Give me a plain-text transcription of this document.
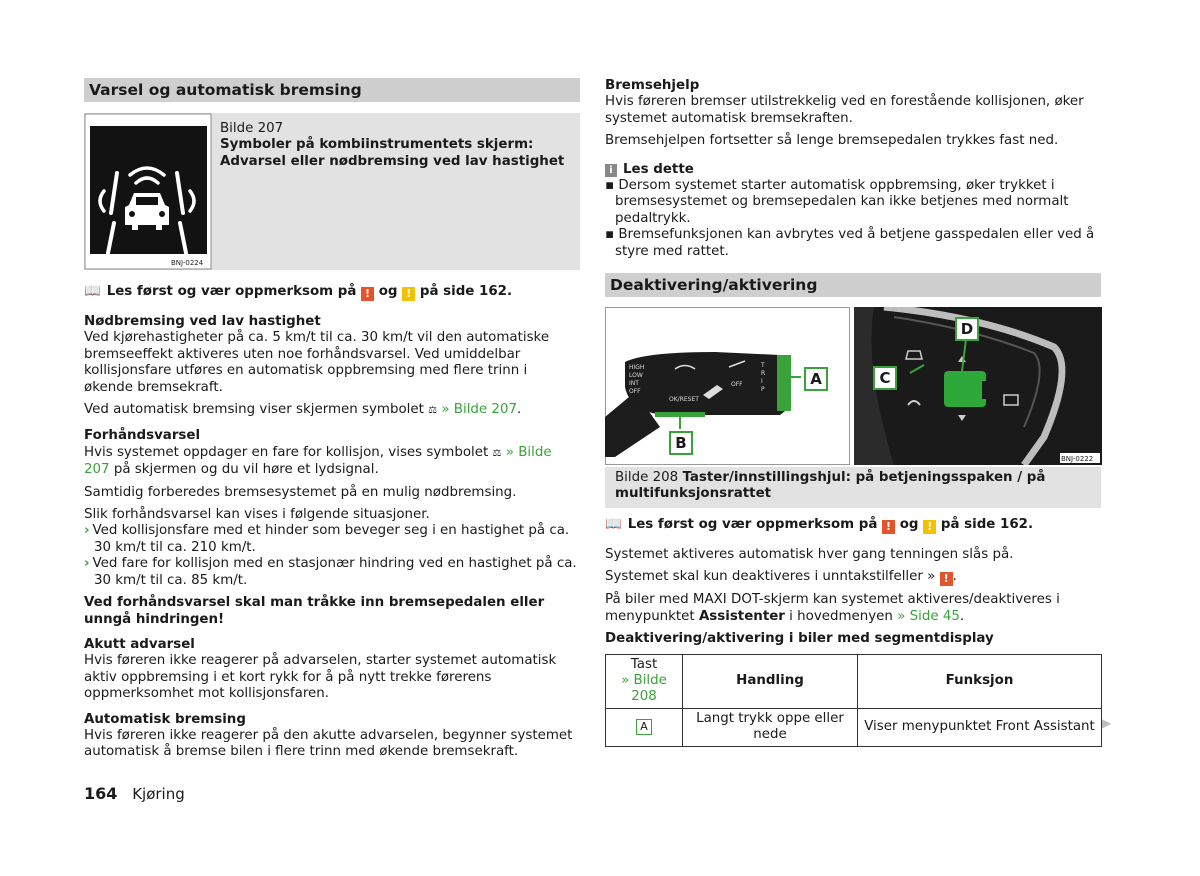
Varsel og automatisk bremsing
BNJ-0224
Bilde 207
Symboler på kombiinstrumentets skjerm: Advarsel eller nødbremsing ved lav hastighet
📖 Les først og vær oppmerksom på ! og ! på side 162.
Nødbremsing ved lav hastighet
Ved kjørehastigheter på ca. 5 km/t til ca. 30 km/t vil den automatiske bremseeffekt aktiveres uten noe forhåndsvarsel. Ved umiddelbar kollisjonsfare utføres en automatisk oppbremsing med flere trinn i økende bremsekraft.
Ved automatisk bremsing viser skjermen symbolet ⚖ » Bilde 207.
Forhåndsvarsel
Hvis systemet oppdager en fare for kollisjon, vises symbolet ⚖ » Bilde 207 på skjermen og du vil høre et lydsignal.
Samtidig forberedes bremsesystemet på en mulig nødbremsing.
Slik forhåndsvarsel kan vises i følgende situasjoner.
› Ved kollisjonsfare med et hinder som beveger seg i en hastighet på ca. 30 km/t til ca. 210 km/t.
› Ved fare for kollisjon med en stasjonær hindring ved en hastighet på ca. 30 km/t til ca. 85 km/t.
Ved forhåndsvarsel skal man tråkke inn bremsepedalen eller unngå hindringen!
Akutt advarsel
Hvis føreren ikke reagerer på advarselen, starter systemet automatisk aktiv oppbremsing i et kort rykk for å på nytt trekke førerens oppmerksomhet mot kollisjonsfaren.
Automatisk bremsing
Hvis føreren ikke reagerer på den akutte advarselen, begynner systemet automatisk å bremse bilen i flere trinn med økende bremsekraft.
Bremsehjelp
Hvis føreren bremser utilstrekkelig ved en forestående kollisjonen, øker systemet automatisk bremsekraften.
Bremsehjelpen fortsetter så lenge bremsepedalen trykkes fast ned.
i Les dette
▪ Dersom systemet starter automatisk oppbremsing, øker trykket i bremsesystemet og bremsepedalen kan ikke betjenes med normalt pedaltrykk.
▪ Bremsefunksjonen kan avbrytes ved å betjene gasspedalen eller ved å styre med rattet.
Deaktivering/aktivering
HIGH
LOW
INT
OFF
OK/RESET
OFF
T
R
I
P
A
B
BNJ-0222
C
D
Bilde 208 Taster/innstillingshjul: på betjeningsspaken / på multifunksjonsrattet
📖 Les først og vær oppmerksom på ! og ! på side 162.
Systemet aktiveres automatisk hver gang tenningen slås på.
Systemet skal kun deaktiveres i unntakstilfeller » ! .
På biler med MAXI DOT-skjerm kan systemet aktiveres/deaktiveres i menypunktet Assistenter i hovedmenyen » Side 45.
Deaktivering/aktivering i biler med segmentdisplay
Tast
» Bilde 208	Handling	Funksjon
A	Langt trykk oppe eller nede	Viser menypunktet Front Assistant ▶
164 Kjøring
